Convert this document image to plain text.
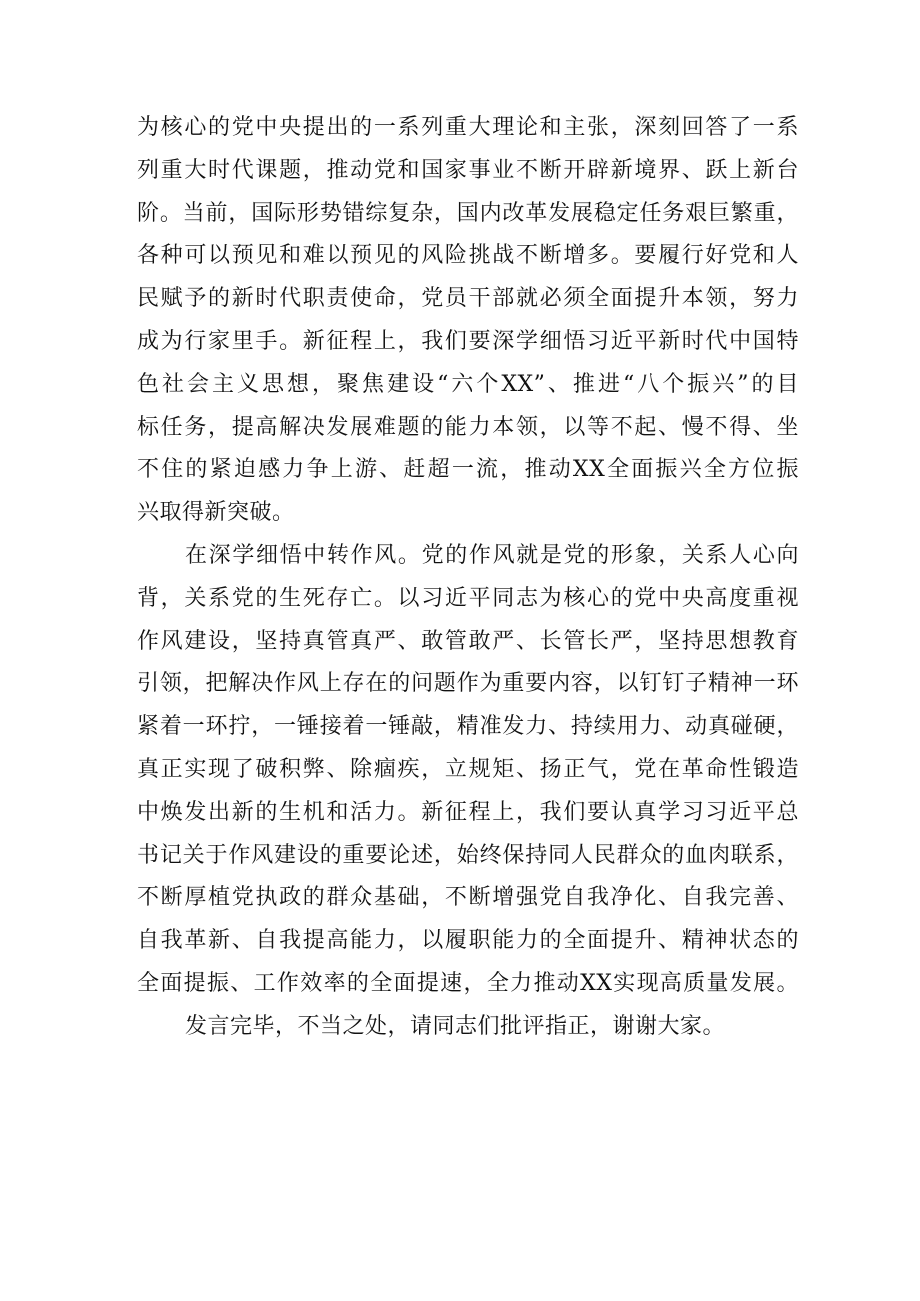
为核心的党中央提出的一系列重大理论和主张，深刻回答了一系
列重大时代课题，推动党和国家事业不断开辟新境界、跃上新台
阶。当前，国际形势错综复杂，国内改革发展稳定任务艰巨繁重，
各种可以预见和难以预见的风险挑战不断增多。要履行好党和人
民赋予的新时代职责使命，党员干部就必须全面提升本领，努力
成为行家里手。新征程上，我们要深学细悟习近平新时代中国特
色社会主义思想，聚焦建设“六个XX”、推进“八个振兴”的目
标任务，提高解决发展难题的能力本领，以等不起、慢不得、坐
不住的紧迫感力争上游、赶超一流，推动XX全面振兴全方位振
兴取得新突破。
在深学细悟中转作风。党的作风就是党的形象，关系人心向
背，关系党的生死存亡。以习近平同志为核心的党中央高度重视
作风建设，坚持真管真严、敢管敢严、长管长严，坚持思想教育
引领，把解决作风上存在的问题作为重要内容，以钉钉子精神一环
紧着一环拧，一锤接着一锤敲，精准发力、持续用力、动真碰硬，
真正实现了破积弊、除痼疾，立规矩、扬正气，党在革命性锻造
中焕发出新的生机和活力。新征程上，我们要认真学习习近平总
书记关于作风建设的重要论述，始终保持同人民群众的血肉联系，
不断厚植党执政的群众基础，不断增强党自我净化、自我完善、
自我革新、自我提高能力，以履职能力的全面提升、精神状态的
全面提振、工作效率的全面提速，全力推动XX实现高质量发展。
发言完毕，不当之处，请同志们批评指正，谢谢大家。
